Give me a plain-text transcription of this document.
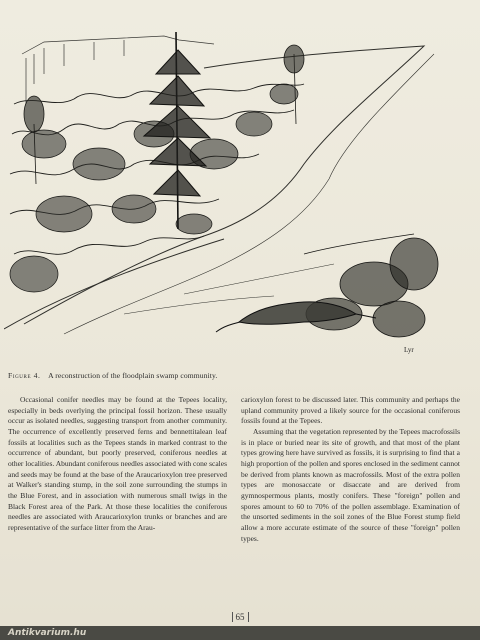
Lyr
Figure 4. A reconstruction of the floodplain swamp community.

Occasional conifer needles may be found at the Tepees locality, especially in beds overlying the principal fossil horizon. These usually occur as isolated needles, suggesting transport from another community. The occurrence of excellently preserved ferns and bennettitalean leaf fossils at localities such as the Tepees stands in marked contrast to the occurrence of abundant, but poorly preserved, coniferous needles at other localities. Abundant coniferous needles associated with cone scales and seeds may be found at the base of the Araucarioxylon tree preserved at Walker's standing stump, in the soil zone surrounding the stumps in the Blue Forest, and in association with numerous small twigs in the Black Forest area of the Park. At those these localities the coniferous needles are associated with Araucarioxylon trunks or branches and are representative of the surface litter from the Arau-

carioxylon forest to be discussed later. This community and perhaps the upland community proved a likely source for the occasional coniferous fossils found at the Tepees.

Assuming that the vegetation represented by the Tepees macrofossils is in place or buried near its site of growth, and that most of the plant types growing here have survived as fossils, it is surprising to find that a high proportion of the pollen and spores enclosed in the sediment cannot be derived from plants known as macrofossils. Most of the extra pollen types are monosaccate or disaccate and are derived from gymnospermous plants, mostly conifers. These "foreign" pollen and spores amount to 60 to 70% of the pollen assemblage. Examination of the unsorted sediments in the soil zones of the Blue Forest stump field allow a more accurate estimate of the source of these "foreign" pollen types.

65
Antikvarium.hu
